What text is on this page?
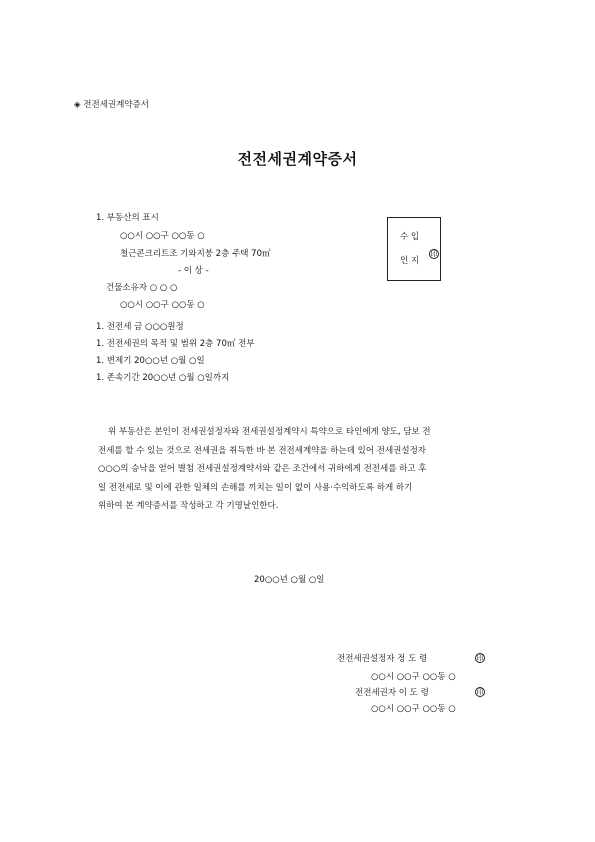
◈ 전전세권계약증서
전전세권계약증서
1. 부동산의 표시
○○시 ○○구 ○○동 ○
철근콘크리트조 기와지붕 2층 주택 70㎡
- 이 상 -
건물소유자 ○ ○ ○
○○시 ○○구 ○○동 ○
수 입
인 지
印
1. 전전세 금 ○○○원정
1. 전전세권의 목적 및 범위 2층 70㎡ 전부
1. 변제기 20○○년 ○월 ○일
1. 존속기간 20○○년 ○월 ○일까지
위 부동산은 본인이 전세권설정자와 전세권설정계약시 특약으로 타인에게 양도, 담보 전
전세를 할 수 있는 것으로 전세권을 취득한 바 본 전전세계약을 하는데 있어 전세권설정자
○○○의 승낙을 얻어 별첨 전세권설정계약서와 같은 조건에서 귀하에게 전전세를 하고 후
일 전전세로 및 이에 관한 일체의 손해를 끼치는 일이 없이 사용·수익하도록 하게 하기
위하여 본 계약증서를 작성하고 각 기명날인한다.
20○○년 ○월 ○일
전전세권설정자 정 도 령	印
○○시 ○○구 ○○동 ○
전전세권자 이 도 령	印
○○시 ○○구 ○○동 ○
